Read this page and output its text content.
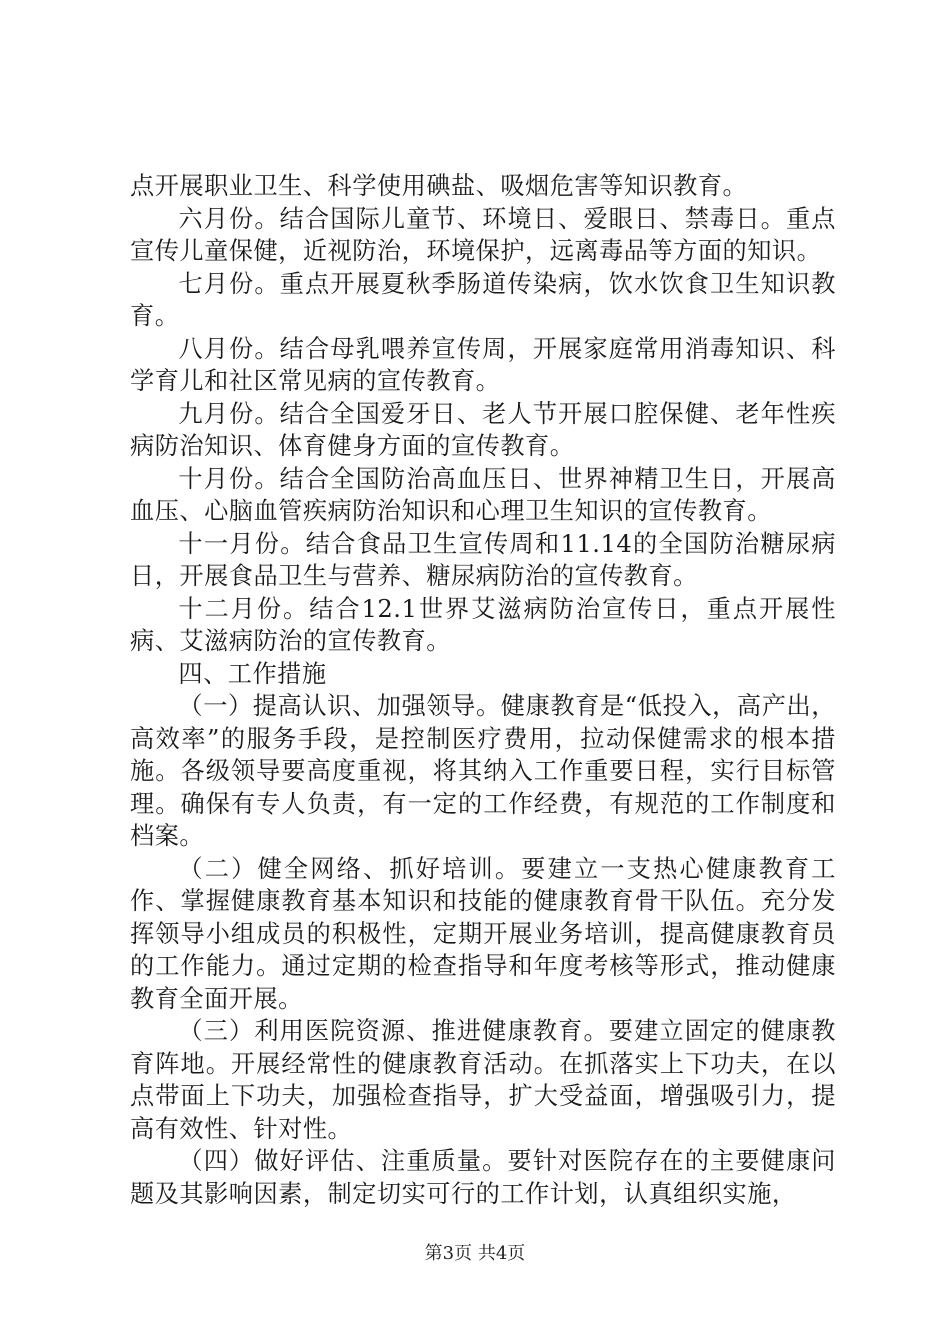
点开展职业卫生、科学使用碘盐、吸烟危害等知识教育。

六月份。结合国际儿童节、环境日、爱眼日、禁毒日。重点宣传儿童保健，近视防治，环境保护，远离毒品等方面的知识。

七月份。重点开展夏秋季肠道传染病，饮水饮食卫生知识教育。

八月份。结合母乳喂养宣传周，开展家庭常用消毒知识、科学育儿和社区常见病的宣传教育。

九月份。结合全国爱牙日、老人节开展口腔保健、老年性疾病防治知识、体育健身方面的宣传教育。

十月份。结合全国防治高血压日、世界神精卫生日，开展高血压、心脑血管疾病防治知识和心理卫生知识的宣传教育。

十一月份。结合食品卫生宣传周和11.14的全国防治糖尿病日，开展食品卫生与营养、糖尿病防治的宣传教育。

十二月份。结合12.1世界艾滋病防治宣传日，重点开展性病、艾滋病防治的宣传教育。

四、工作措施

（一）提高认识、加强领导。健康教育是“低投入，高产出，高效率”的服务手段，是控制医疗费用，拉动保健需求的根本措施。各级领导要高度重视，将其纳入工作重要日程，实行目标管理。确保有专人负责，有一定的工作经费，有规范的工作制度和档案。

（二）健全网络、抓好培训。要建立一支热心健康教育工作、掌握健康教育基本知识和技能的健康教育骨干队伍。充分发挥领导小组成员的积极性，定期开展业务培训，提高健康教育员的工作能力。通过定期的检查指导和年度考核等形式，推动健康教育全面开展。

（三）利用医院资源、推进健康教育。要建立固定的健康教育阵地。开展经常性的健康教育活动。在抓落实上下功夫，在以点带面上下功夫，加强检查指导，扩大受益面，增强吸引力，提高有效性、针对性。

（四）做好评估、注重质量。要针对医院存在的主要健康问题及其影响因素，制定切实可行的工作计划，认真组织实施，

第3页 共4页
